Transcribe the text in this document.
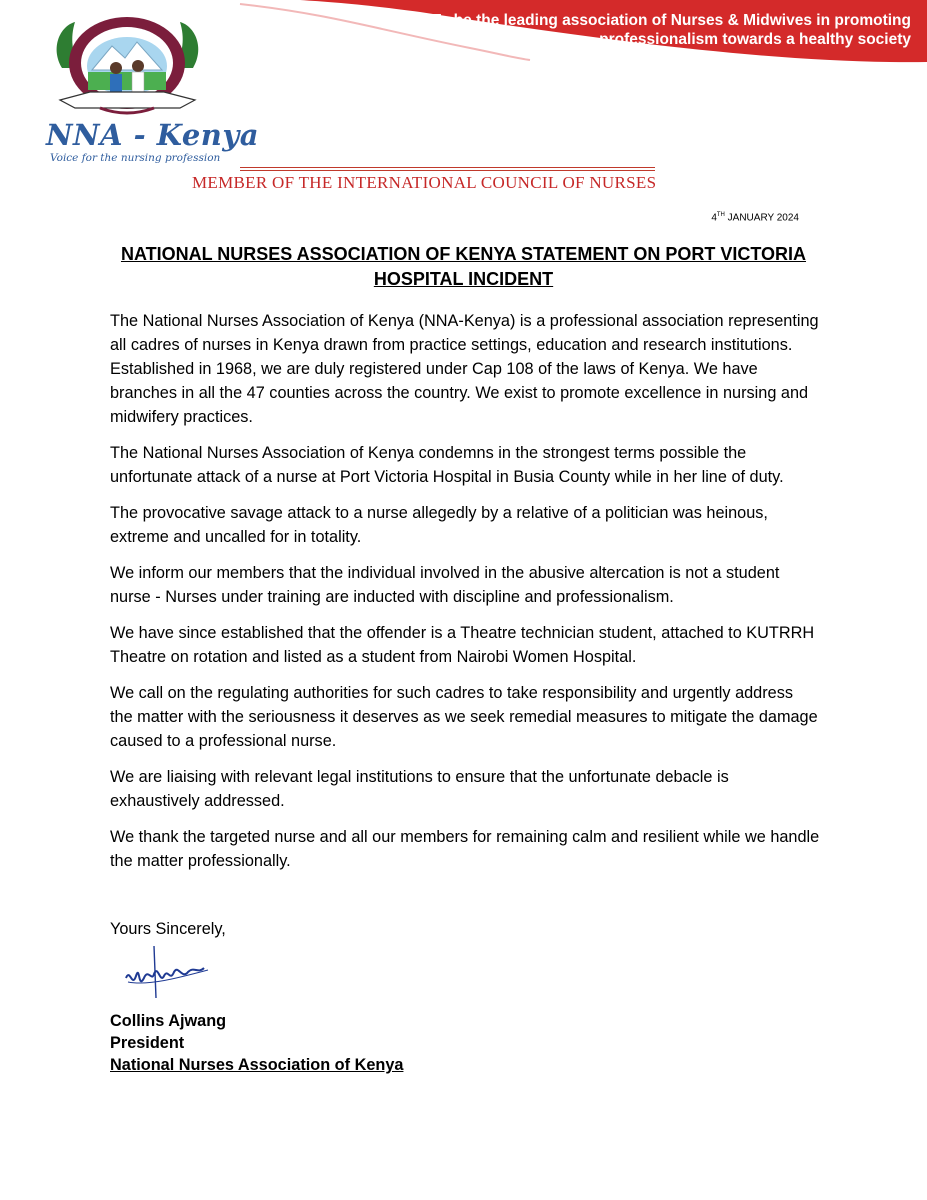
To be the leading association of Nurses & Midwives in promoting
professionalism towards a healthy society
NNA - Kenya
Voice for the nursing profession
MEMBER OF THE INTERNATIONAL COUNCIL OF NURSES
4TH JANUARY 2024
NATIONAL NURSES ASSOCIATION OF KENYA STATEMENT ON PORT VICTORIA HOSPITAL INCIDENT

The National Nurses Association of Kenya (NNA-Kenya) is a professional association representing all cadres of nurses in Kenya drawn from practice settings, education and research institutions. Established in 1968, we are duly registered under Cap 108 of the laws of Kenya. We have branches in all the 47 counties across the country. We exist to promote excellence in nursing and midwifery practices.

The National Nurses Association of Kenya condemns in the strongest terms possible the unfortunate attack of a nurse at Port Victoria Hospital in Busia County while in her line of duty.

The provocative savage attack to a nurse allegedly by a relative of a politician was heinous, extreme and uncalled for in totality.

We inform our members that the individual involved in the abusive altercation is not a student nurse - Nurses under training are inducted with discipline and professionalism.

We have since established that the offender is a Theatre technician student, attached to KUTRRH Theatre on rotation and listed as a student from Nairobi Women Hospital.

We call on the regulating authorities for such cadres to take responsibility and urgently address the matter with the seriousness it deserves as we seek remedial measures to mitigate the damage caused to a professional nurse.

We are liaising with relevant legal institutions to ensure that the unfortunate debacle is exhaustively addressed.

We thank the targeted nurse and all our members for remaining calm and resilient while we handle the matter professionally.

Yours Sincerely,
Collins Ajwang
President
National Nurses Association of Kenya
